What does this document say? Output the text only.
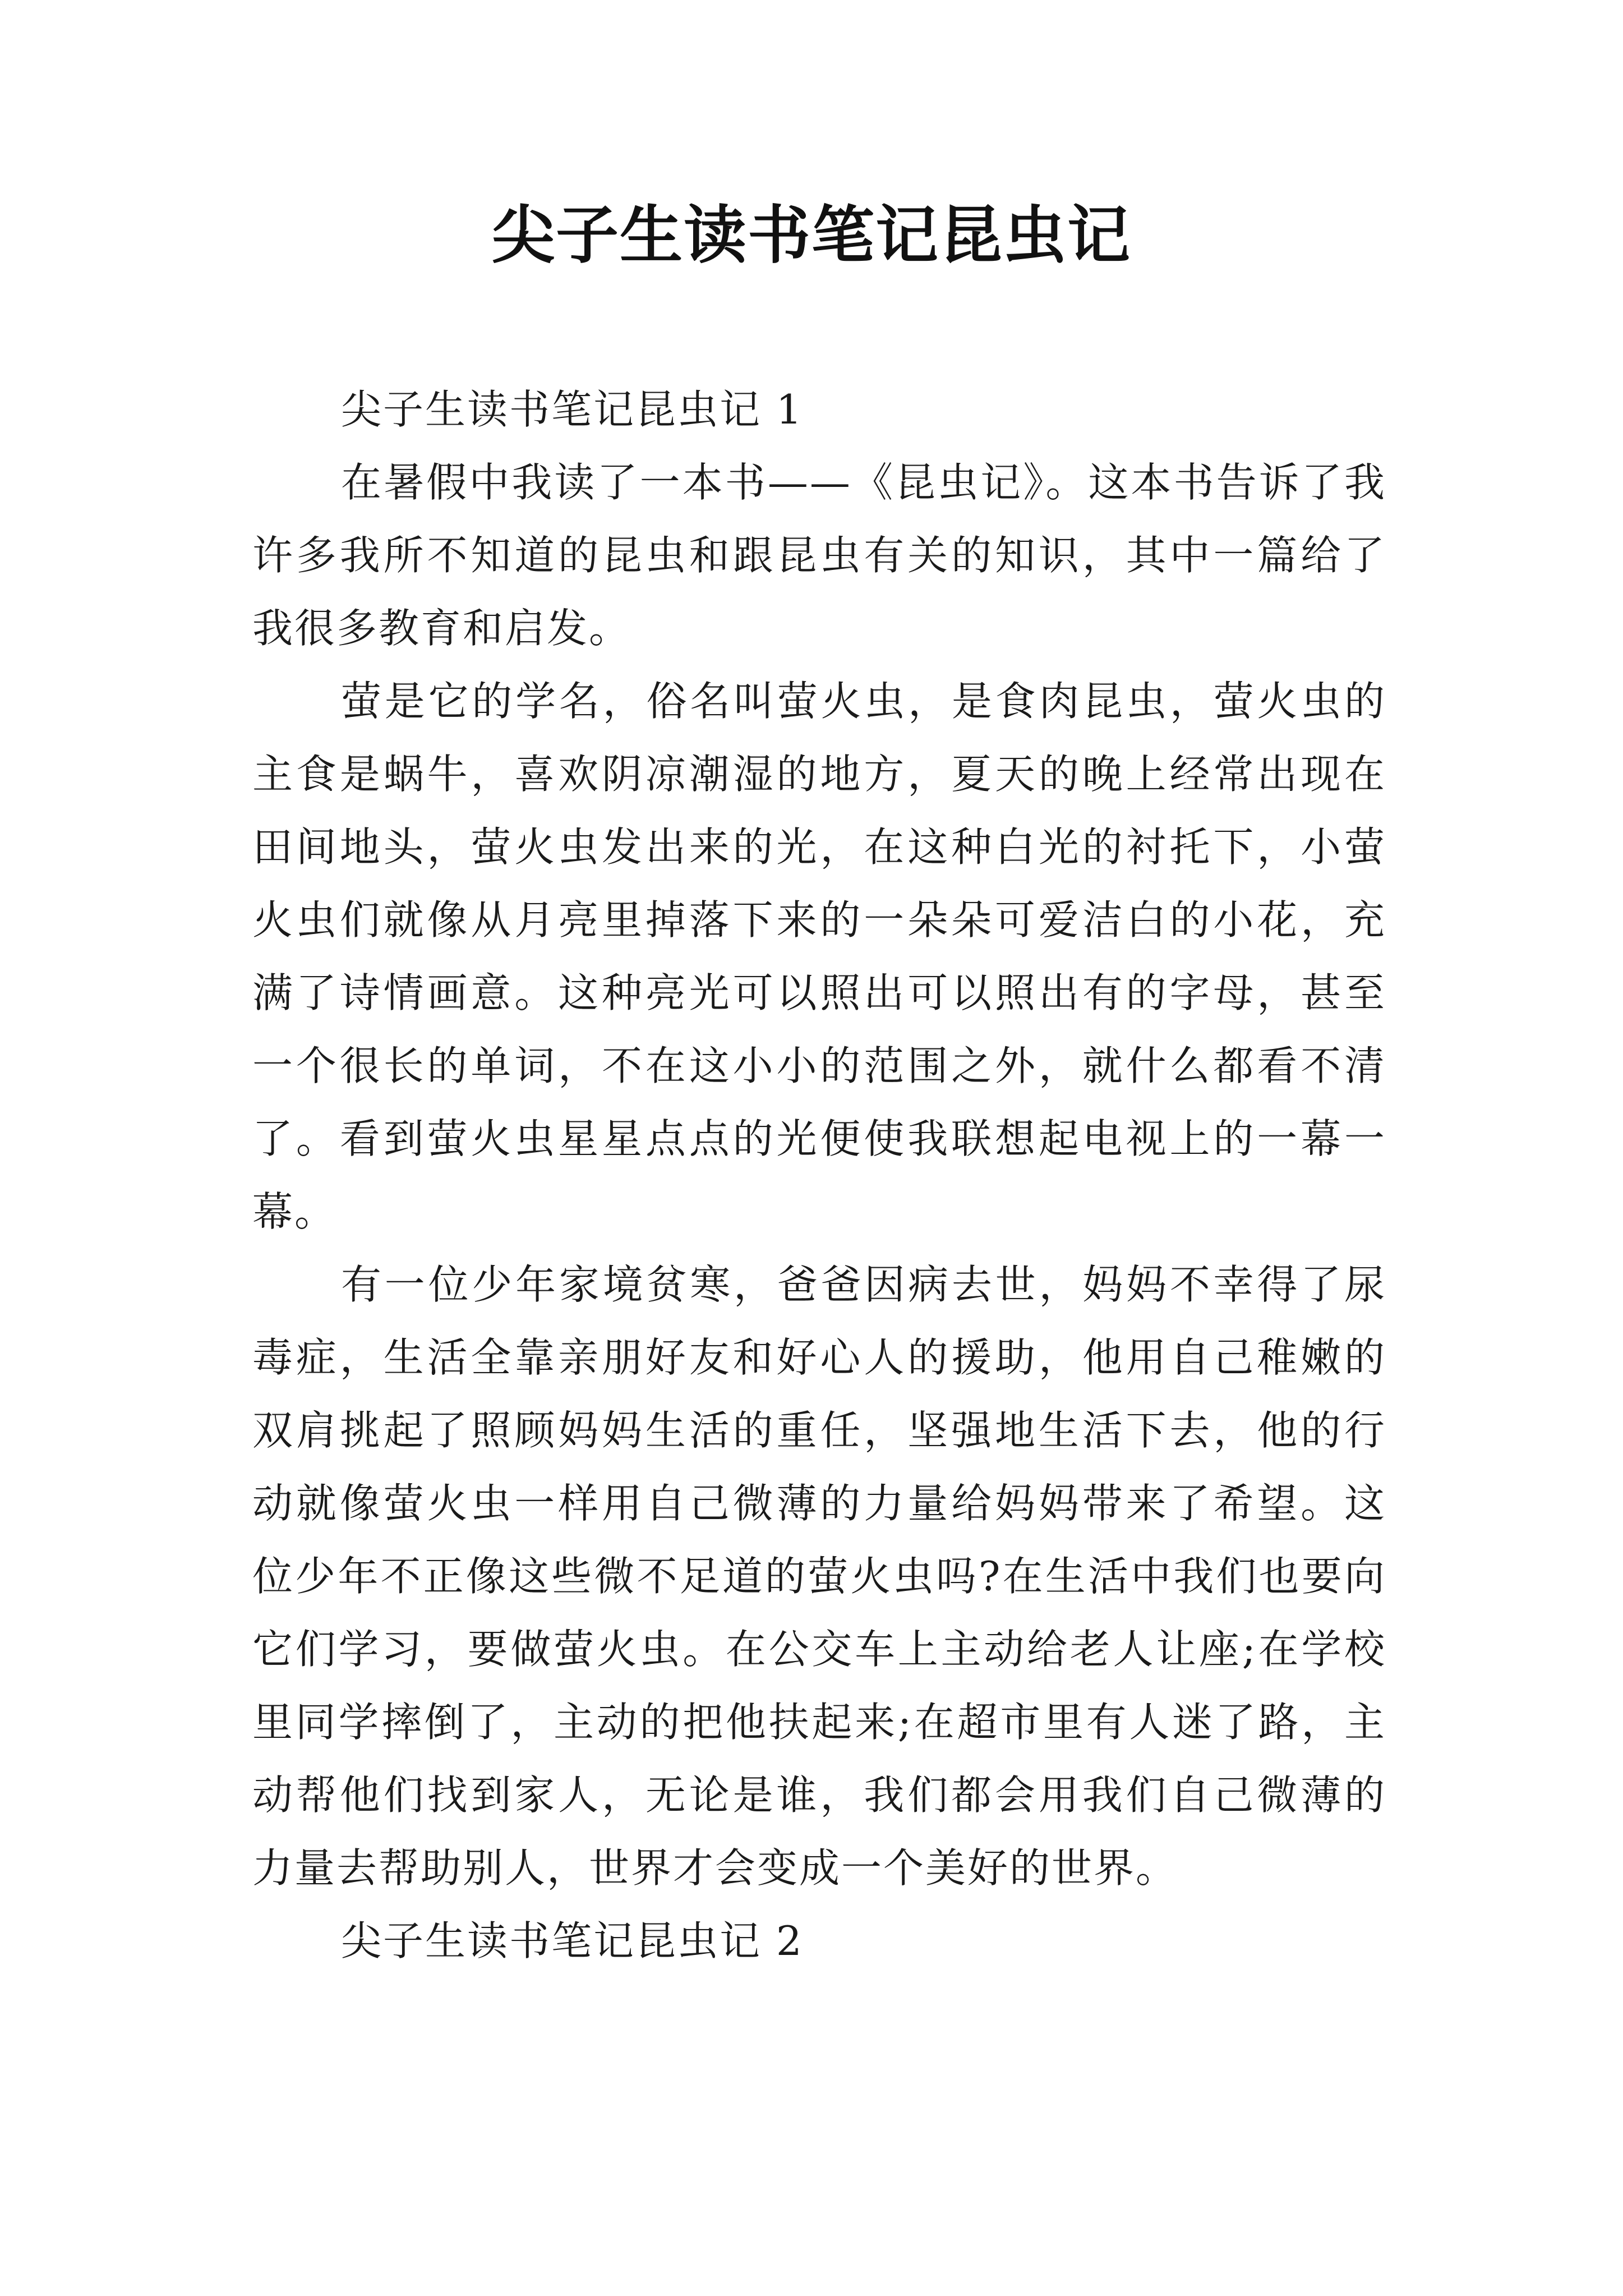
尖子生读书笔记昆虫记

尖子生读书笔记昆虫记 1

在暑假中我读了一本书——《昆虫记》。这本书告诉了我许多我所不知道的昆虫和跟昆虫有关的知识，其中一篇给了我很多教育和启发。

萤是它的学名，俗名叫萤火虫，是食肉昆虫，萤火虫的主食是蜗牛，喜欢阴凉潮湿的地方，夏天的晚上经常出现在田间地头，萤火虫发出来的光，在这种白光的衬托下，小萤火虫们就像从月亮里掉落下来的一朵朵可爱洁白的小花，充满了诗情画意。这种亮光可以照出可以照出有的字母，甚至一个很长的单词，不在这小小的范围之外，就什么都看不清了。看到萤火虫星星点点的光便使我联想起电视上的一幕一幕。

有一位少年家境贫寒，爸爸因病去世，妈妈不幸得了尿毒症，生活全靠亲朋好友和好心人的援助，他用自己稚嫩的双肩挑起了照顾妈妈生活的重任，坚强地生活下去，他的行动就像萤火虫一样用自己微薄的力量给妈妈带来了希望。这位少年不正像这些微不足道的萤火虫吗?在生活中我们也要向它们学习，要做萤火虫。在公交车上主动给老人让座;在学校里同学摔倒了，主动的把他扶起来;在超市里有人迷了路，主动帮他们找到家人，无论是谁，我们都会用我们自己微薄的力量去帮助别人，世界才会变成一个美好的世界。

尖子生读书笔记昆虫记 2
